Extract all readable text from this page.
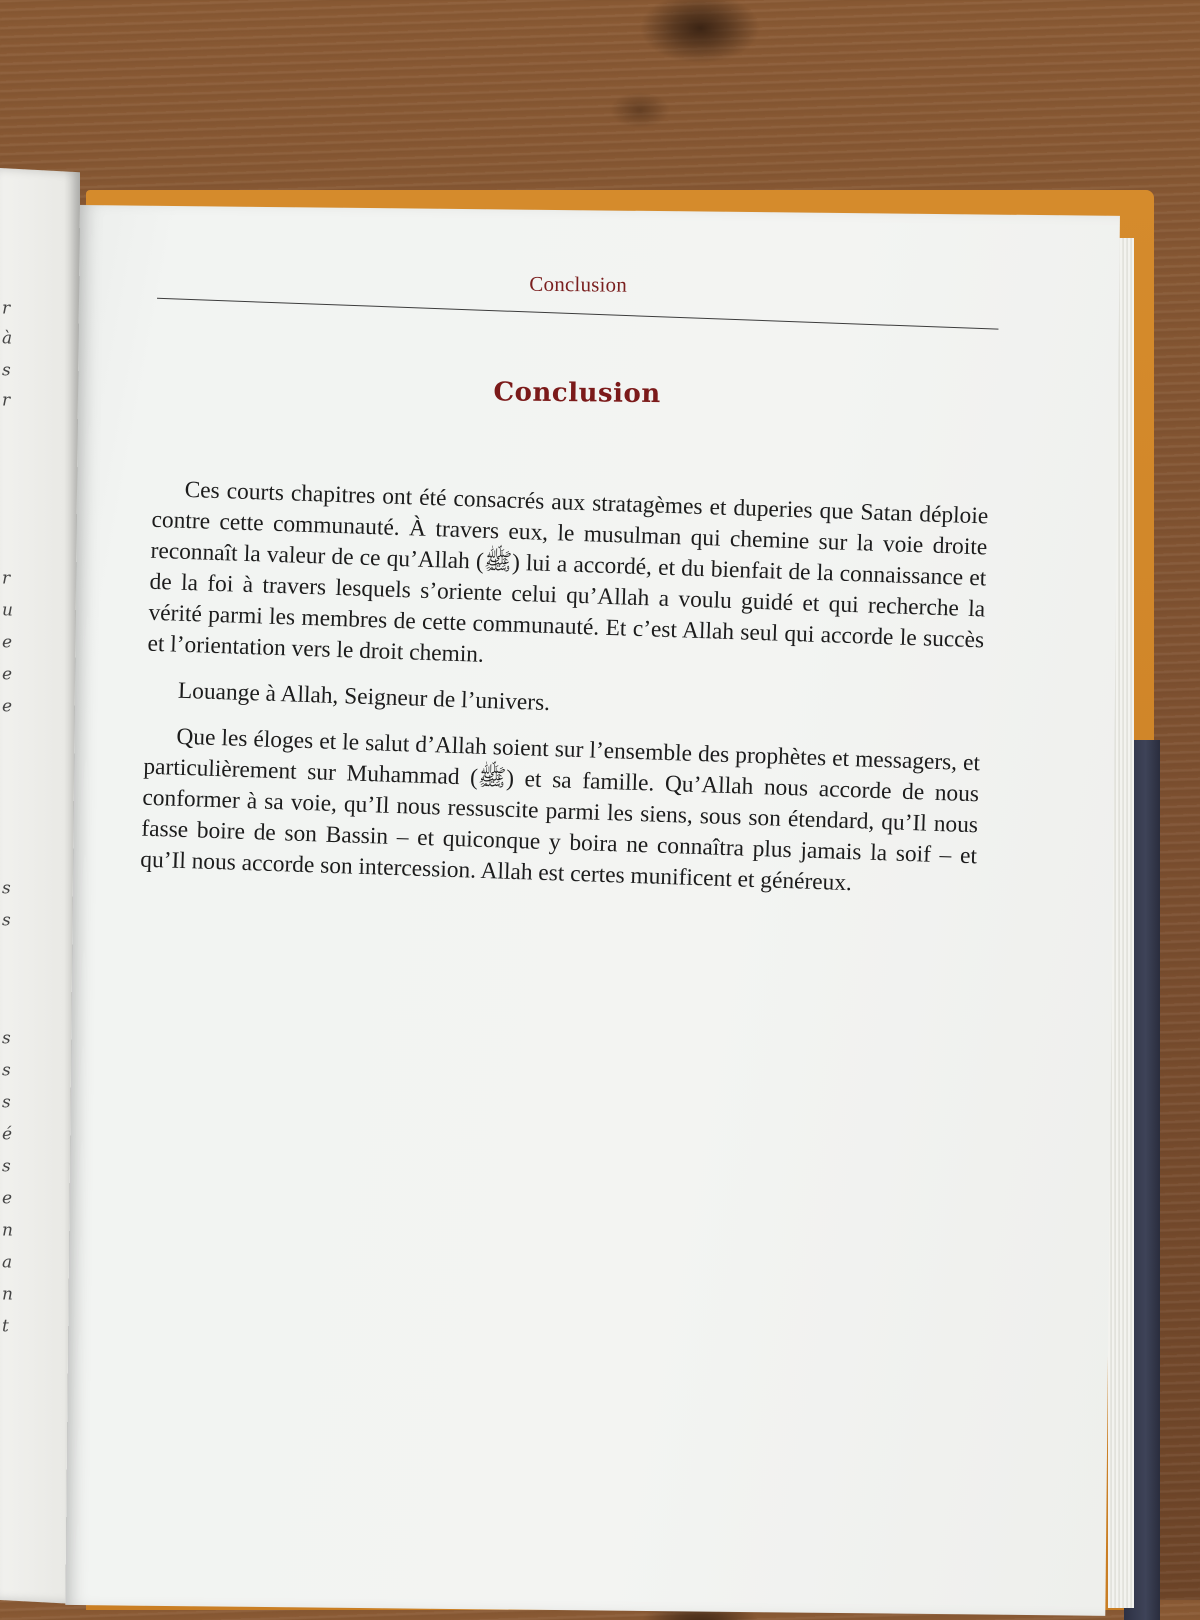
r
à
s
r
r
u
e
e
e
s
s
s
s
s
é
s
e
n
a
n
t
Conclusion
Conclusion

Ces courts chapitres ont été consacrés aux stratagèmes et duperies que Satan déploie contre cette communauté. À travers eux, le musulman qui chemine sur la voie droite reconnaît la valeur de ce qu’Allah (ﷺ) lui a accordé, et du bienfait de la connaissance et de la foi à travers lesquels s’oriente celui qu’Allah a voulu guidé et qui recherche la vérité parmi les membres de cette communauté. Et c’est Allah seul qui accorde le succès et l’orientation vers le droit chemin.

Louange à Allah, Seigneur de l’univers.

Que les éloges et le salut d’Allah soient sur l’ensemble des prophètes et messagers, et particulièrement sur Muhammad (ﷺ) et sa famille. Qu’Allah nous accorde de nous conformer à sa voie, qu’Il nous ressuscite parmi les siens, sous son étendard, qu’Il nous fasse boire de son Bassin – et quiconque y boira ne connaîtra plus jamais la soif – et qu’Il nous accorde son intercession. Allah est certes munificent et généreux.
